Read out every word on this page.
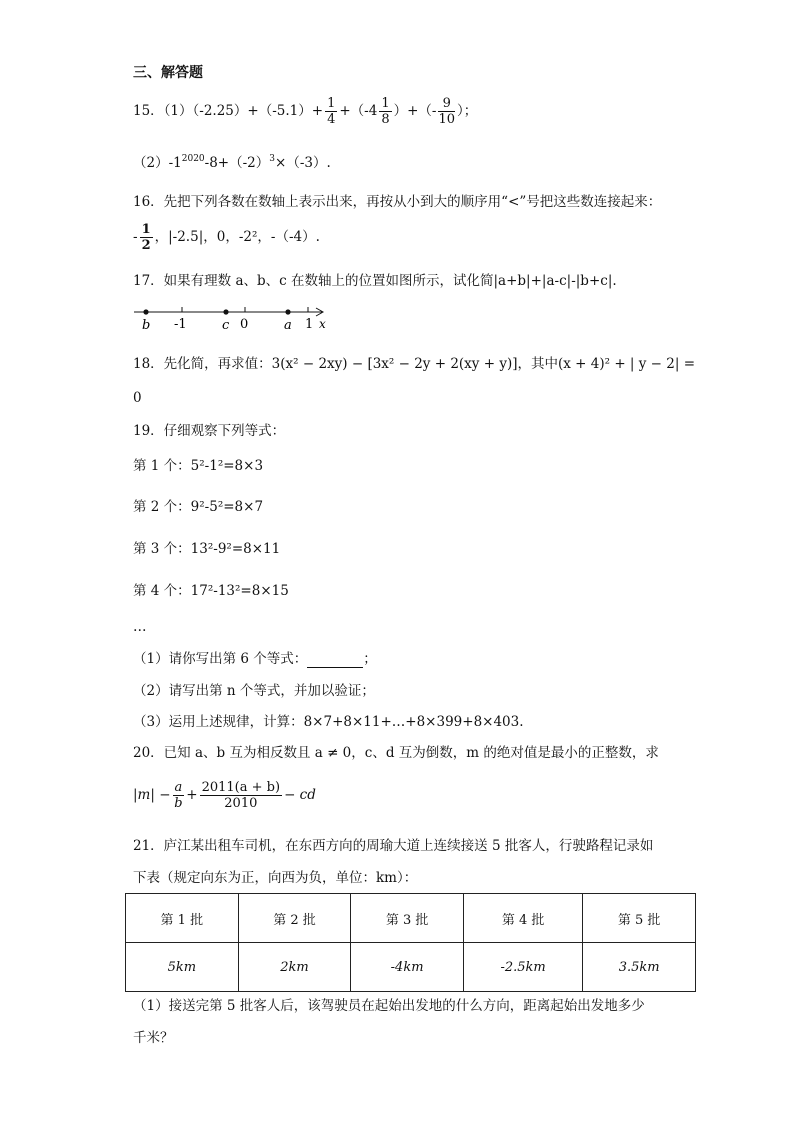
三、解答题
15．$(1)(-2.25)+(-5.1)+ \frac{1}{4} +(-4 \frac{1}{8}$ ）+（- $\frac{9}{10}$ ）；
$(2)-1^{2020}-8+(-2)^3\times(-3)$.
16．先把下列各数在数轴上表示出来，再按从小到大的顺序用“<”号把这些数连接起来：
- $\frac{1}{2}$ ，|-2.5|，0，-2²，-（-4）.
17．如果有理数 a、b、c 在数轴上的位置如图所示，试化简|a+b|+|a-c|-|b+c|.
b -1	c 0	a 1 x
18．先化简，再求值：3(x² − 2xy) − [3x² − 2y + 2(xy + y)]，其中(x + 4)² + | y − 2| =
0
19．仔细观察下列等式：
第 1 个：5²-1²=8×3
第 2 个：9²-5²=8×7
第 3 个：13²-9²=8×11
第 4 个：17²-13²=8×15
…
（1）请你写出第 6 个等式：	；
（2）请写出第 n 个等式，并加以验证；
（3）运用上述规律，计算：8×7+8×11+…+8×399+8×403.
20．已知 a、b 互为相反数且 a ≠ 0，c、d 互为倒数，m 的绝对值是最小的正整数，求
$|m| - \frac{a}{b} + \frac{2011(a + b)}{2010}$ − cd
21．庐江某出租车司机，在东西方向的周瑜大道上连续接送 5 批客人，行驶路程记录如
下表（规定向东为正，向西为负，单位：km）：
第 1 批	第 2 批	第 3 批	第 4 批	第 5 批
5km	2km	-4km	-2.5km	3.5km
（1）接送完第 5 批客人后，该驾驶员在起始出发地的什么方向，距离起始出发地多少
千米？
